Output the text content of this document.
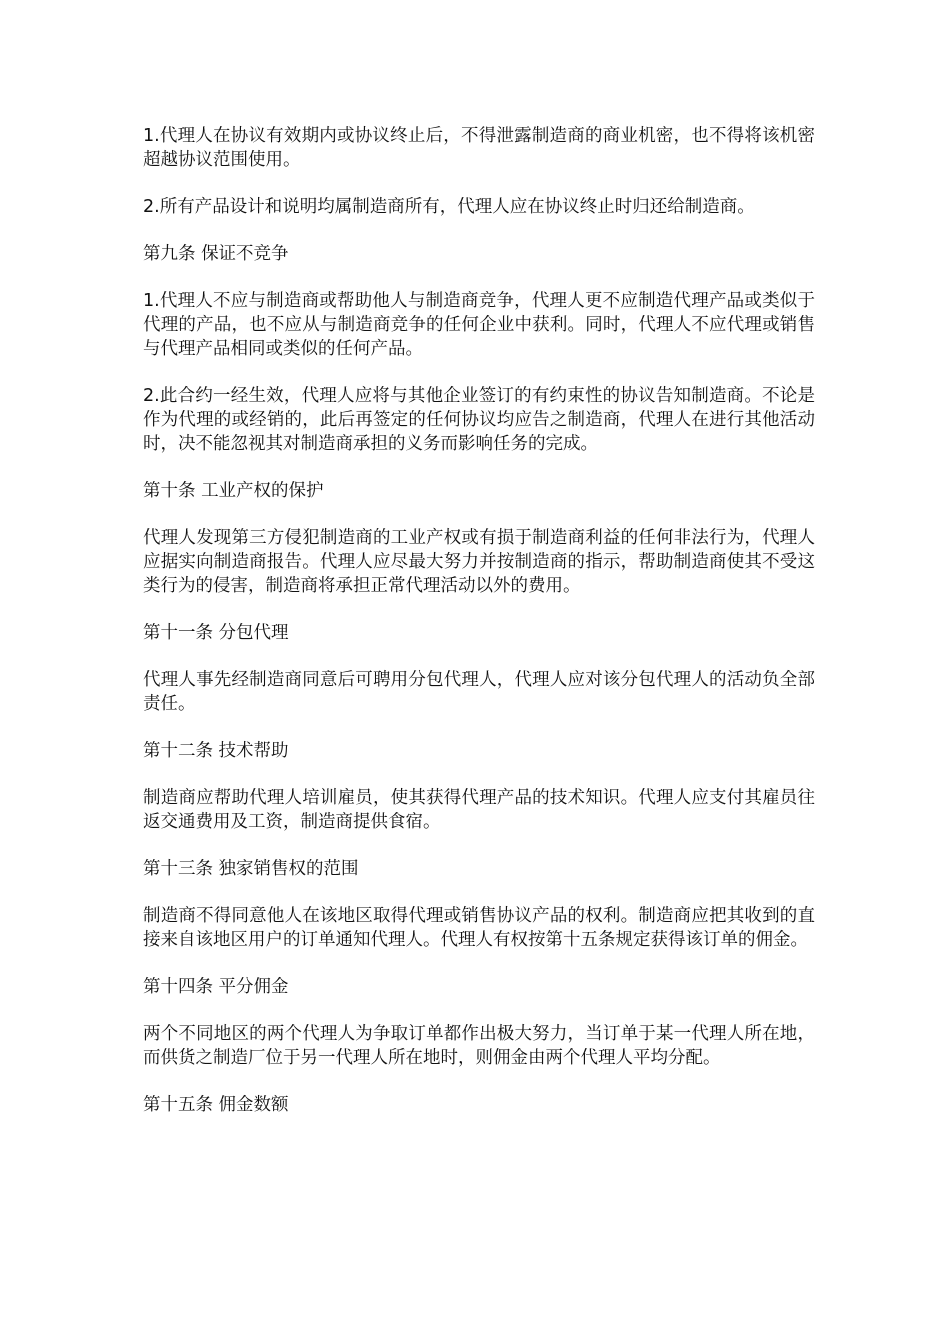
1.代理人在协议有效期内或协议终止后，不得泄露制造商的商业机密，也不得将该机密超越协议范围使用。

2.所有产品设计和说明均属制造商所有，代理人应在协议终止时归还给制造商。

第九条 保证不竞争

1.代理人不应与制造商或帮助他人与制造商竞争，代理人更不应制造代理产品或类似于代理的产品，也不应从与制造商竞争的任何企业中获利。同时，代理人不应代理或销售与代理产品相同或类似的任何产品。

2.此合约一经生效，代理人应将与其他企业签订的有约束性的协议告知制造商。不论是作为代理的或经销的，此后再签定的任何协议均应告之制造商，代理人在进行其他活动时，决不能忽视其对制造商承担的义务而影响任务的完成。

第十条 工业产权的保护

代理人发现第三方侵犯制造商的工业产权或有损于制造商利益的任何非法行为，代理人应据实向制造商报告。代理人应尽最大努力并按制造商的指示，帮助制造商使其不受这类行为的侵害，制造商将承担正常代理活动以外的费用。

第十一条 分包代理

代理人事先经制造商同意后可聘用分包代理人，代理人应对该分包代理人的活动负全部责任。

第十二条 技术帮助

制造商应帮助代理人培训雇员，使其获得代理产品的技术知识。代理人应支付其雇员往返交通费用及工资，制造商提供食宿。

第十三条 独家销售权的范围

制造商不得同意他人在该地区取得代理或销售协议产品的权利。制造商应把其收到的直接来自该地区用户的订单通知代理人。代理人有权按第十五条规定获得该订单的佣金。

第十四条 平分佣金

两个不同地区的两个代理人为争取订单都作出极大努力，当订单于某一代理人所在地，而供货之制造厂位于另一代理人所在地时，则佣金由两个代理人平均分配。

第十五条 佣金数额
